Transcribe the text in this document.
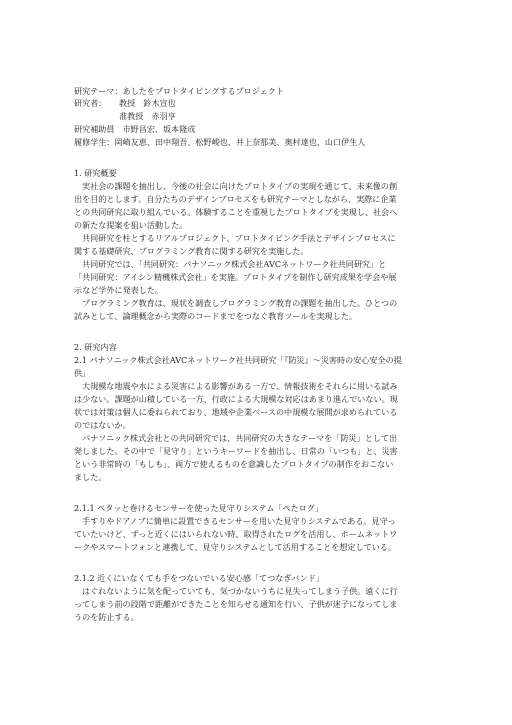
研究テーマ：あしたをプロトタイピングするプロジェクト
研究者：	教授　鈴木宣也
准教授　赤羽亨
研究補助員　市野昌宏、坂本隆成
履修学生：岡崎友恵、田中翔吾、松野峻也、井上奈那美、奥村達也、山口伊生人
1. 研究概要
実社会の課題を抽出し、今後の社会に向けたプロトタイプの実現を通じて、未来像の創
出を目的とします。自分たちのデザインプロセスをも研究テーマとしながら、実際に企業
との共同研究に取り組んでいる。体験することを重視したプロトタイプを実現し、社会へ
の新たな提案を狙い活動した。
共同研究を柱とするリアルプロジェクト、プロトタイピング手法とデザインプロセスに
関する基礎研究、プログラミング教育に関する研究を実施した。
共同研究では、「共同研究：パナソニック株式会社AVCネットワーク社共同研究」と
「共同研究：アイシン精機株式会社」を実施。プロトタイプを制作し研究成果を学会や展
示など学外に発表した。
プログラミング教育は、現状を調査しプログラミング教育の課題を抽出した。ひとつの
試みとして、論理概念から実際のコードまでをつなぐ教育ツールを実現した。
2. 研究内容
2.1 パナソニック株式会社AVCネットワーク社共同研究「『防災』〜災害時の安心安全の提
供」
大規模な地震や水による災害による影響がある一方で、情報技術をそれらに用いる試み
は少ない。課題が山積している一方、行政による大規模な対応はあまり進んでいない。現
状では対策は個人に委ねられており、地域や企業ベースの中規模な展開が求められている
のではないか。
パナソニック株式会社との共同研究では、共同研究の大きなテーマを「防災」として出
発しました。その中で「見守り」というキーワードを抽出し、日常の「いつも」と、災害
という非常時の「もしも」、両方で使えるものを意識したプロトタイプの制作をおこない
ました。
2.1.1 ペタッと巻けるセンサーを使った見守りシステム「ぺたログ」
手すりやドアノブに簡単に設置できるセンサーを用いた見守りシステムである。見守っ
ていたいけど、ずっと近くにはいられない時、取得されたログを活用し、ホームネットワ
ークやスマートフォンと連携して、見守りシステムとして活用することを想定している。
2.1.2 近くにいなくても手をつないでいる安心感「てつなぎバンド」
はぐれないように気を配っていても、気づかないうちに見失ってしまう子供。遠くに行
ってしまう前の段階で距離ができたことを知らせる通知を行い、子供が迷子になってしま
うのを防止する。
